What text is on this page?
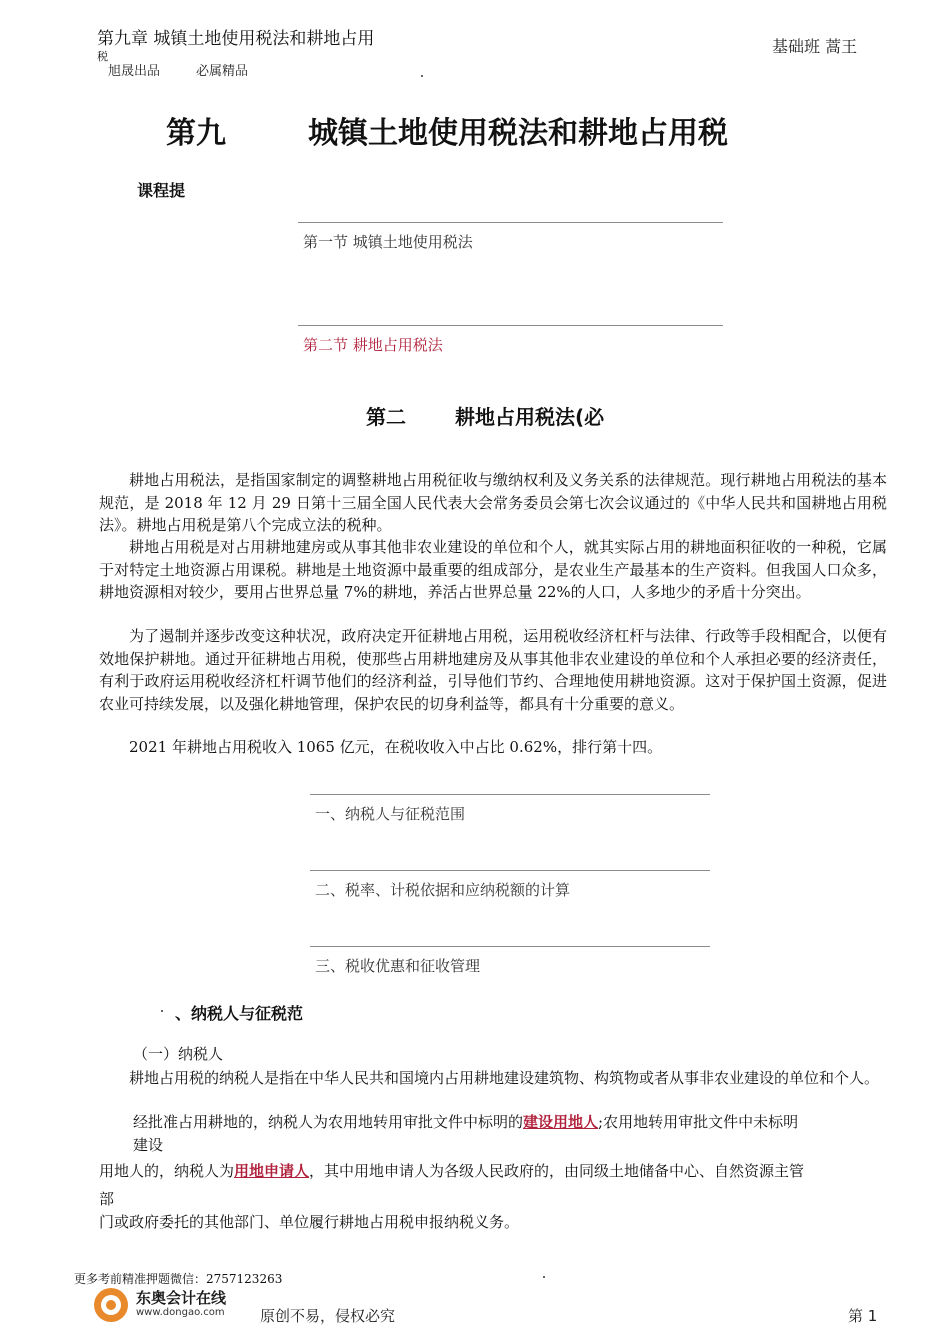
第九章 城镇土地使用税法和耕地占用
税
旭晟出品	必属精品
基础班 蒿王
第九	城镇土地使用税法和耕地占用税
课程提
第一节 城镇土地使用税法
第二节 耕地占用税法
第二 耕地占用税法(必

耕地占用税法，是指国家制定的调整耕地占用税征收与缴纳权利及义务关系的法律规范。现行耕地占用税法的基本规范，是 2018 年 12 月 29 日第十三届全国人民代表大会常务委员会第七次会议通过的《中华人民共和国耕地占用税法》。耕地占用税是第八个完成立法的税种。

耕地占用税是对占用耕地建房或从事其他非农业建设的单位和个人，就其实际占用的耕地面积征收的一种税，它属于对特定土地资源占用课税。耕地是土地资源中最重要的组成部分，是农业生产最基本的生产资料。但我国人口众多，耕地资源相对较少，要用占世界总量 7%的耕地，养活占世界总量 22%的人口，人多地少的矛盾十分突出。

为了遏制并逐步改变这种状况，政府决定开征耕地占用税，运用税收经济杠杆与法律、行政等手段相配合，以便有效地保护耕地。通过开征耕地占用税，使那些占用耕地建房及从事其他非农业建设的单位和个人承担必要的经济责任，有利于政府运用税收经济杠杆调节他们的经济利益，引导他们节约、合理地使用耕地资源。这对于保护国土资源，促进农业可持续发展，以及强化耕地管理，保护农民的切身利益等，都具有十分重要的意义。

2021 年耕地占用税收入 1065 亿元，在税收收入中占比 0.62%，排行第十四。

一、纳税人与征税范围
二、税率、计税依据和应纳税额的计算
三、税收优惠和征收管理
、纳税人与征税范
（一）纳税人

耕地占用税的纳税人是指在中华人民共和国境内占用耕地建设建筑物、构筑物或者从事非农业建设的单位和个人。

经批准占用耕地的，纳税人为农用地转用审批文件中标明的建设用地人;农用地转用审批文件中未标明
建设
用地人的，纳税人为用地申请人，其中用地申请人为各级人民政府的，由同级土地储备中心、自然资源主管
部
门或政府委托的其他部门、单位履行耕地占用税申报纳税义务。
更多考前精准押题微信：2757123263
东奥会计在线
www.dongao.com 原创不易，侵权必究	第 1
